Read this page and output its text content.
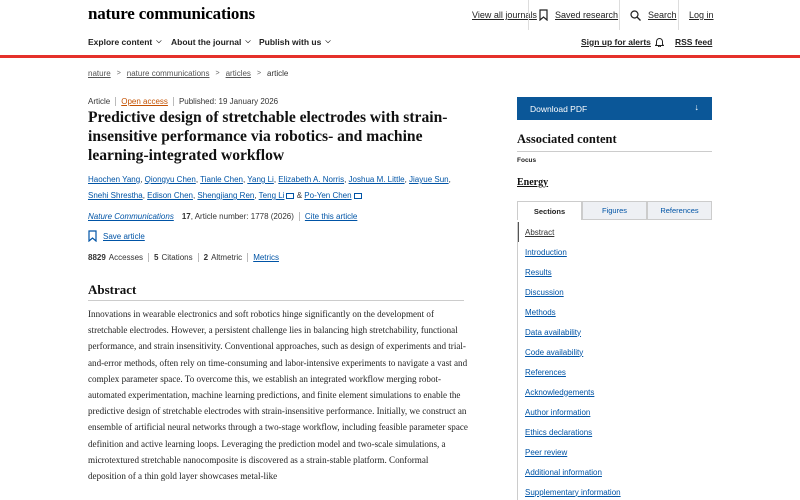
nature communications	View all journals Saved research	Search Log in
Explore content ⌵ About the journal ⌵ Publish with us ⌵	Sign up for alerts	RSS feed
nature > nature communications > articles > article
Article Open access Published: 19 January 2026
Predictive design of stretchable electrodes with strain-insensitive performance via robotics- and machine learning-integrated workflow
Haochen Yang, Qiongyu Chen, Tianle Chen, Yang Li, Elizabeth A. Norris, Joshua M. Little, Jiayue Sun, Snehi Shrestha, Edison Chen, Shengjiang Ren, Teng Li & Po-Yen Chen
Nature Communications 17 , Article number: 1778 (2026) Cite this article
Save article
8829 Accesses 5 Citations 2 Altmetric Metrics
Abstract

Innovations in wearable electronics and soft robotics hinge significantly on the development of stretchable electrodes. However, a persistent challenge lies in balancing high stretchability, functional performance, and strain insensitivity. Conventional approaches, such as design of experiments and trial-and-error methods, often rely on time-consuming and labor-intensive experiments to navigate a vast and complex parameter space. To overcome this, we establish an integrated workflow merging robot-automated experimentation, machine learning predictions, and finite element simulations to enable the predictive design of stretchable electrodes with strain-insensitive performance. Initially, we construct an ensemble of artificial neural networks through a two-stage workflow, including feasible parameter space definition and active learning loops. Leveraging the prediction model and two-scale simulations, a microtextured stretchable nanocomposite is discovered as a strain-stable platform. Conformal deposition of a thin gold layer showcases metal-like

Download PDF	↓
Associated content
Focus
Energy
Sections	Figures	References
Abstract
Introduction
Results
Discussion
Methods
Data availability
Code availability
References
Acknowledgements
Author information
Ethics declarations
Peer review
Additional information
Supplementary information
